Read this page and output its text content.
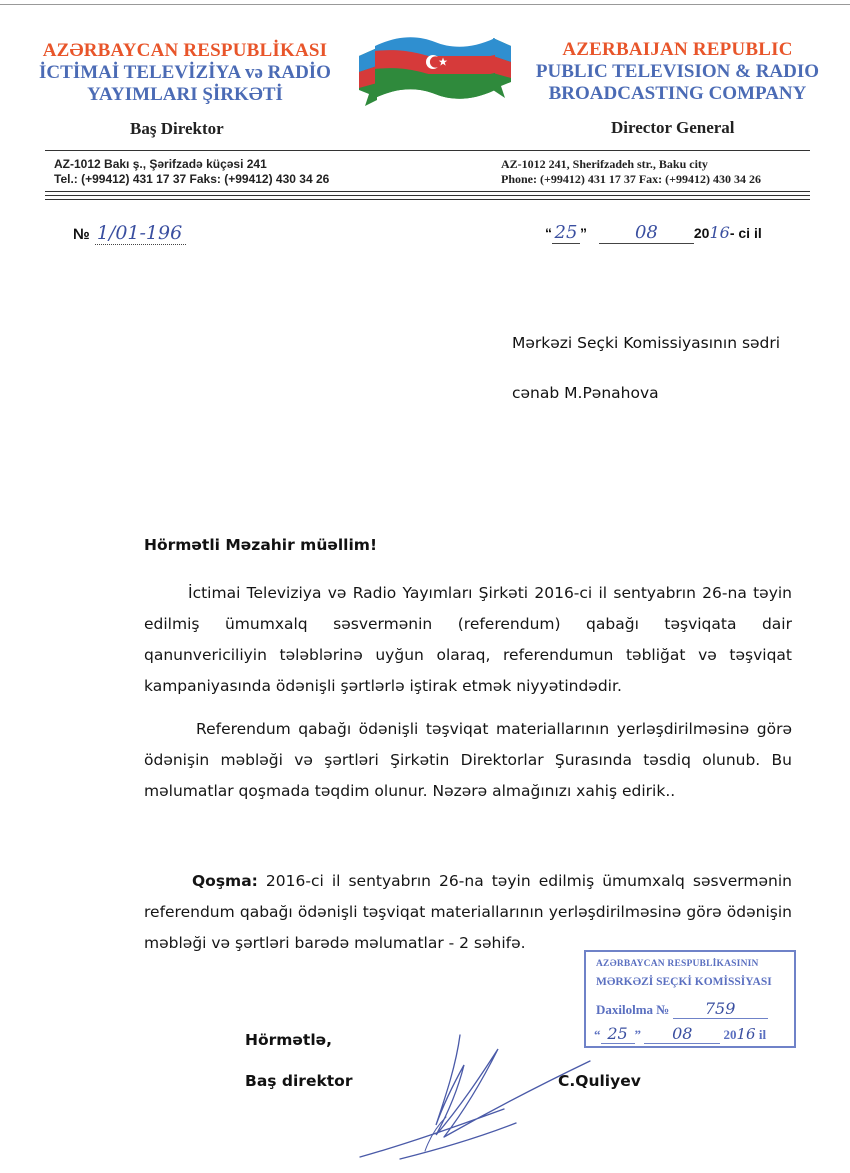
AZƏRBAYCAN RESPUBLİKASI
İCTİMAİ TELEVİZİYA və RADİO
YAYIMLARI ŞİRKƏTİ
Baş Direktor
AZERBAIJAN REPUBLIC
PUBLIC TELEVISION & RADIO
BROADCASTING COMPANY
Director General
AZ-1012 Bakı ş., Şərifzadə küçəsi 241
Tel.: (+99412) 431 17 37 Faks: (+99412) 430 34 26
AZ-1012 241, Sherifzadeh str., Baku city
Phone: (+99412) 431 17 37 Fax: (+99412) 430 34 26
№ 1/01-196	“ 25 ”	08	2016- ci il
Mərkəzi Seçki Komissiyasının sədri
cənab M.Pənahova
Hörmətli Məzahir müəllim!
İctimai Televiziya və Radio Yayımları Şirkəti 2016-ci il sentyabrın 26-na təyin edilmiş ümumxalq səsvermənin (referendum) qabağı təşviqata dair qanunvericiliyin tələblərinə uyğun olaraq, referendumun təbliğat və təşviqat kampaniyasında ödənişli şərtlərlə iştirak etmək niyyətindədir.
Referendum qabağı ödənişli təşviqat materiallarının yerləşdirilməsinə görə ödənişin məbləği və şərtləri Şirkətin Direktorlar Şurasında təsdiq olunub. Bu məlumatlar qoşmada təqdim olunur. Nəzərə almağınızı xahiş edirik..
Qoşma: 2016-ci il sentyabrın 26-na təyin edilmiş ümumxalq səsvermənin referendum qabağı ödənişli təşviqat materiallarının yerləşdirilməsinə görə ödənişin məbləği və şərtləri barədə məlumatlar - 2 səhifə.
AZƏRBAYCAN RESPUBLİKASININ
MƏRKƏZİ SEÇKİ KOMİSSİYASI
Daxilolma № 759
“ 25 ” 08 2016 il
Hörmətlə,
Baş direktor	C.Quliyev
